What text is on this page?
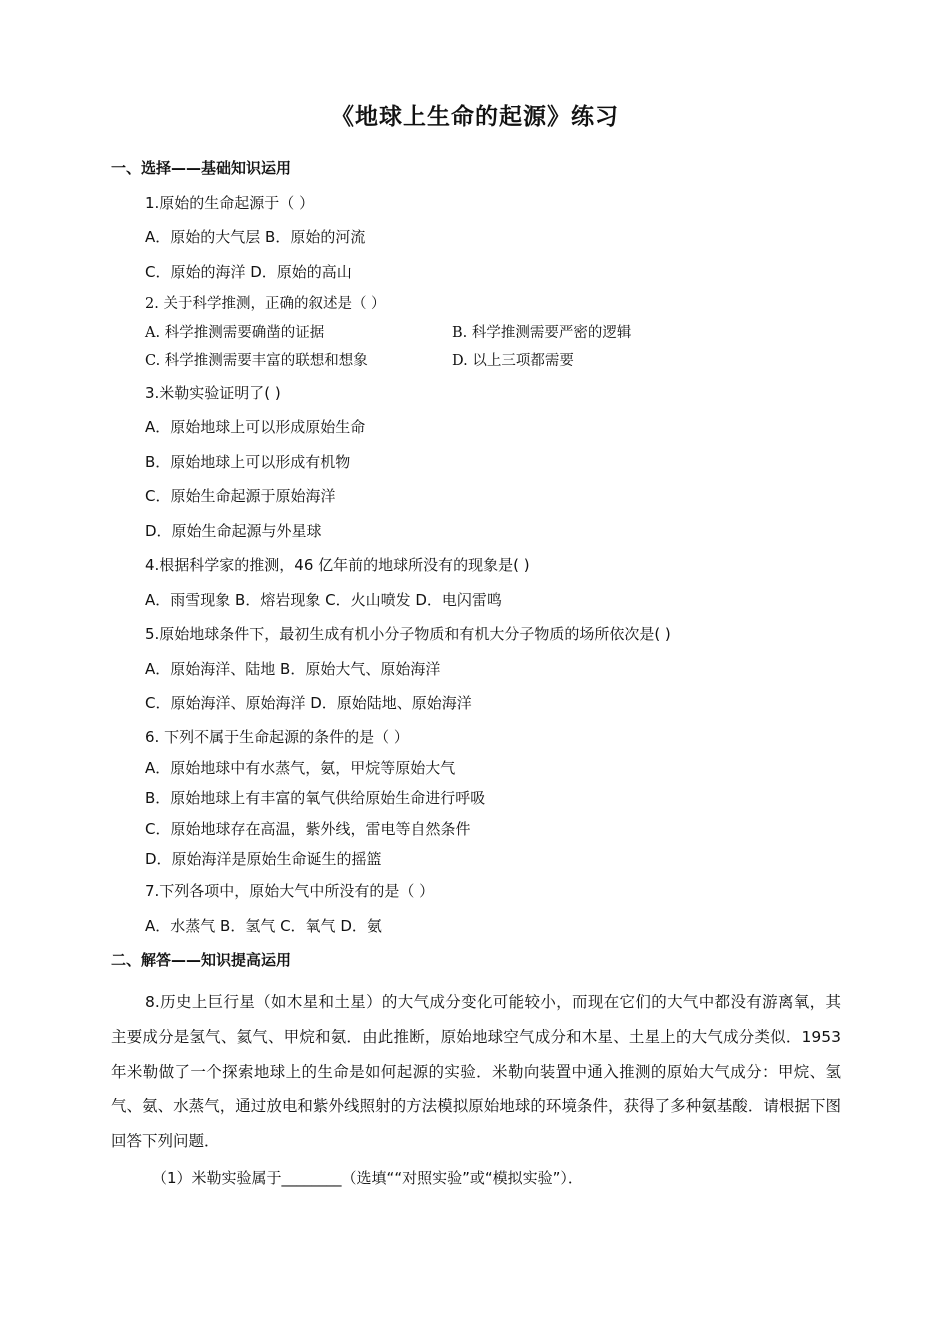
《地球上生命的起源》练习
一、选择——基础知识运用
1.原始的生命起源于（ ）
A．原始的大气层 B．原始的河流
C．原始的海洋 D．原始的高山
2. 关于科学推测，正确的叙述是（ ）
A. 科学推测需要确凿的证据	B. 科学推测需要严密的逻辑
C. 科学推测需要丰富的联想和想象	D. 以上三项都需要
3.米勒实验证明了( )
A．原始地球上可以形成原始生命
B．原始地球上可以形成有机物
C．原始生命起源于原始海洋
D．原始生命起源与外星球
4.根据科学家的推测，46 亿年前的地球所没有的现象是( )
A．雨雪现象 B．熔岩现象 C．火山喷发 D．电闪雷鸣
5.原始地球条件下，最初生成有机小分子物质和有机大分子物质的场所依次是( )
A．原始海洋、陆地 B．原始大气、原始海洋
C．原始海洋、原始海洋 D．原始陆地、原始海洋
6. 下列不属于生命起源的条件的是（ ）
A．原始地球中有水蒸气，氨，甲烷等原始大气
B．原始地球上有丰富的氧气供给原始生命进行呼吸
C．原始地球存在高温，紫外线，雷电等自然条件
D．原始海洋是原始生命诞生的摇篮
7.下列各项中，原始大气中所没有的是（ ）
A．水蒸气 B．氢气 C．氧气 D．氨
二、解答——知识提高运用
8.历史上巨行星（如木星和土星）的大气成分变化可能较小，而现在它们的大气中都没有游离氧，其主要成分是氢气、氦气、甲烷和氨．由此推断，原始地球空气成分和木星、土星上的大气成分类似．1953 年米勒做了一个探索地球上的生命是如何起源的实验．米勒向装置中通入推测的原始大气成分：甲烷、氢气、氨、水蒸气，通过放电和紫外线照射的方法模拟原始地球的环境条件，获得了多种氨基酸．请根据下图回答下列问题．
（1）米勒实验属于________（选填““对照实验”或“模拟实验”）．
